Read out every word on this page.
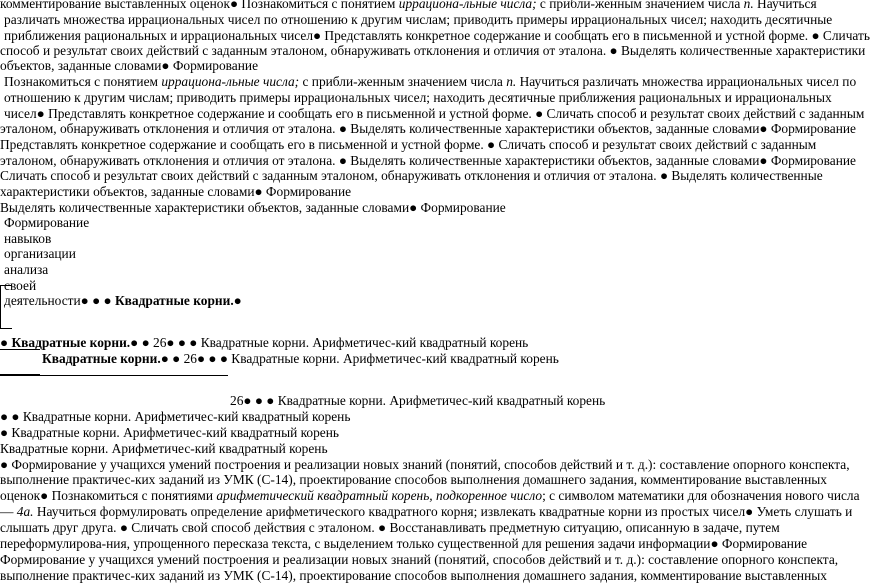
комментирование выставленных оценок● Познакомиться с понятием иррациона-льные числа; с прибли-женным значением числа п. Научиться
различать множества иррациональных чисел по отношению к другим числам; приводить примеры иррациональных чисел; находить десятичные
приближения рациональных и иррациональных чисел● Представлять конкретное содержание и сообщать его в письменной и устной форме. ● Сличать
способ и результат своих действий с заданным эталоном, обнаруживать отклонения и отличия от эталона. ● Выделять количественные характеристики
объектов, заданные словами● Формирование
Познакомиться с понятием иррациона-льные числа; с прибли-женным значением числа п. Научиться различать множества иррациональных чисел по
отношению к другим числам; приводить примеры иррациональных чисел; находить десятичные приближения рациональных и иррациональных
чисел● Представлять конкретное содержание и сообщать его в письменной и устной форме. ● Сличать способ и результат своих действий с заданным
эталоном, обнаруживать отклонения и отличия от эталона. ● Выделять количественные характеристики объектов, заданные словами● Формирование
Представлять конкретное содержание и сообщать его в письменной и устной форме. ● Сличать способ и результат своих действий с заданным
эталоном, обнаруживать отклонения и отличия от эталона. ● Выделять количественные характеристики объектов, заданные словами● Формирование
Сличать способ и результат своих действий с заданным эталоном, обнаруживать отклонения и отличия от эталона. ● Выделять количественные
характеристики объектов, заданные словами● Формирование
Выделять количественные характеристики объектов, заданные словами● Формирование
Формирование
навыков
организации
анализа
своей
деятельности● ● ● Квадратные корни.●
● Квадратные корни.● ● 26● ● ● Квадратные корни. Арифметичес-кий квадратный корень
Квадратные корни.● ● 26● ● ● Квадратные корни. Арифметичес-кий квадратный корень
26● ● ● Квадратные корни. Арифметичес-кий квадратный корень
● ● Квадратные корни. Арифметичес-кий квадратный корень
● Квадратные корни. Арифметичес-кий квадратный корень
Квадратные корни. Арифметичес-кий квадратный корень
● Формирование у учащихся умений построения и реализации новых знаний (понятий, способов действий и т. д.): составление опорного конспекта,
выполнение практичес-ких заданий из УМК (С-14), проектирование способов выполнения домашнего задания, комментирование выставленных
оценок● Познакомиться с понятиями арифметический квадратный корень, подкоренное число; с символом математики для обозначения нового числа
— 4а. Научиться формулировать определение арифметического квадратного корня; извлекать квадратные корни из простых чисел● Уметь слушать и
слышать друг друга. ● Сличать свой способ действия с эталоном. ● Восстанавливать предметную ситуацию, описанную в задаче, путем
переформулирова-ния, упрощенного пересказа текста, с выделением только существенной для решения задачи информации● Формирование
Формирование у учащихся умений построения и реализации новых знаний (понятий, способов действий и т. д.): составление опорного конспекта,
выполнение практичес-ких заданий из УМК (С-14), проектирование способов выполнения домашнего задания, комментирование выставленных
